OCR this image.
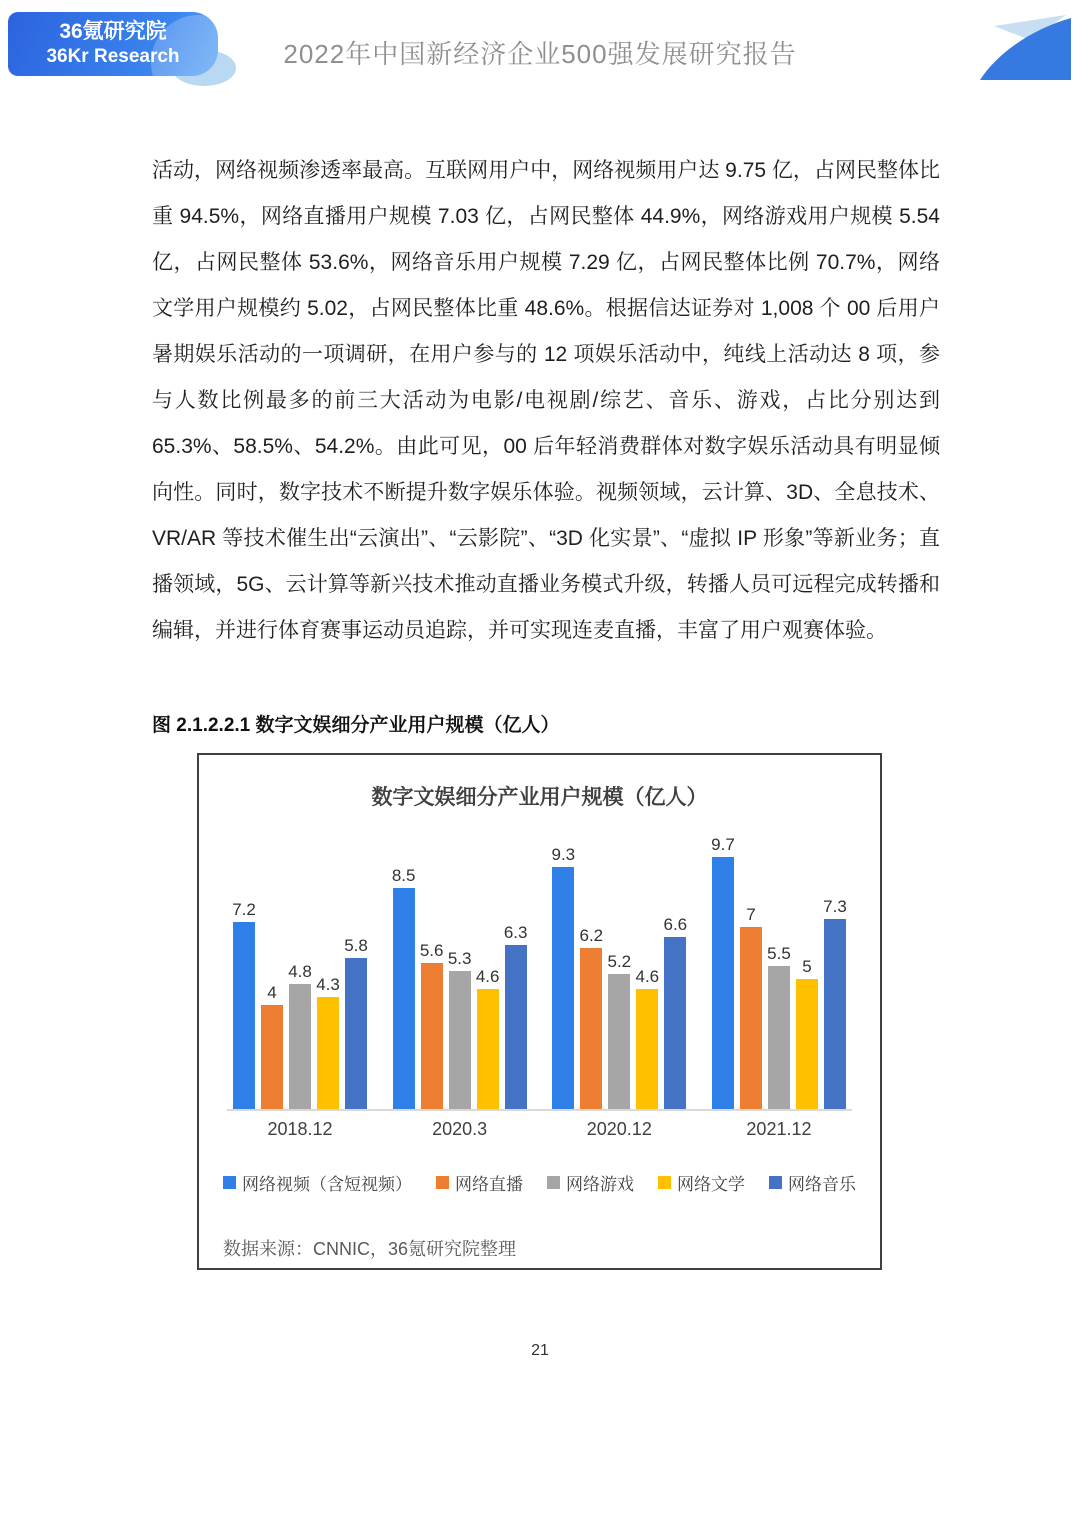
36氪研究院
36Kr Research	2022年中国新经济企业500强发展研究报告

活动，网络视频渗透率最高。互联网用户中，网络视频用户达 9.75 亿，占网民整体比重 94.5%，网络直播用户规模 7.03 亿，占网民整体 44.9%，网络游戏用户规模 5.54 亿，占网民整体 53.6%，网络音乐用户规模 7.29 亿，占网民整体比例 70.7%，网络文学用户规模约 5.02，占网民整体比重 48.6%。根据信达证券对 1,008 个 00 后用户暑期娱乐活动的一项调研，在用户参与的 12 项娱乐活动中，纯线上活动达 8 项，参与人数比例最多的前三大活动为电影/电视剧/综艺、音乐、游戏，占比分别达到 65.3%、58.5%、54.2%。由此可见，00 后年轻消费群体对数字娱乐活动具有明显倾向性。同时，数字技术不断提升数字娱乐体验。视频领域，云计算、3D、全息技术、VR/AR 等技术催生出“云演出”、“云影院”、“3D 化实景”、“虚拟 IP 形象”等新业务；直播领域，5G、云计算等新兴技术推动直播业务模式升级，转播人员可远程完成转播和编辑，并进行体育赛事运动员追踪，并可实现连麦直播，丰富了用户观赛体验。

图 2.1.2.2.1 数字文娱细分产业用户规模（亿人）
数字文娱细分产业用户规模（亿人）
7.2
4
4.8
4.3
5.8
8.5
5.6 5.3
4.6
6.3
9.3
6.2
5.2
4.6
6.6
9.7
7
5.5
5
7.3
2018.12	2020.3	2020.12	2021.12
网络视频（含短视频）	网络直播	网络游戏	网络文学	网络音乐
数据来源：CNNIC，36氪研究院整理
21
